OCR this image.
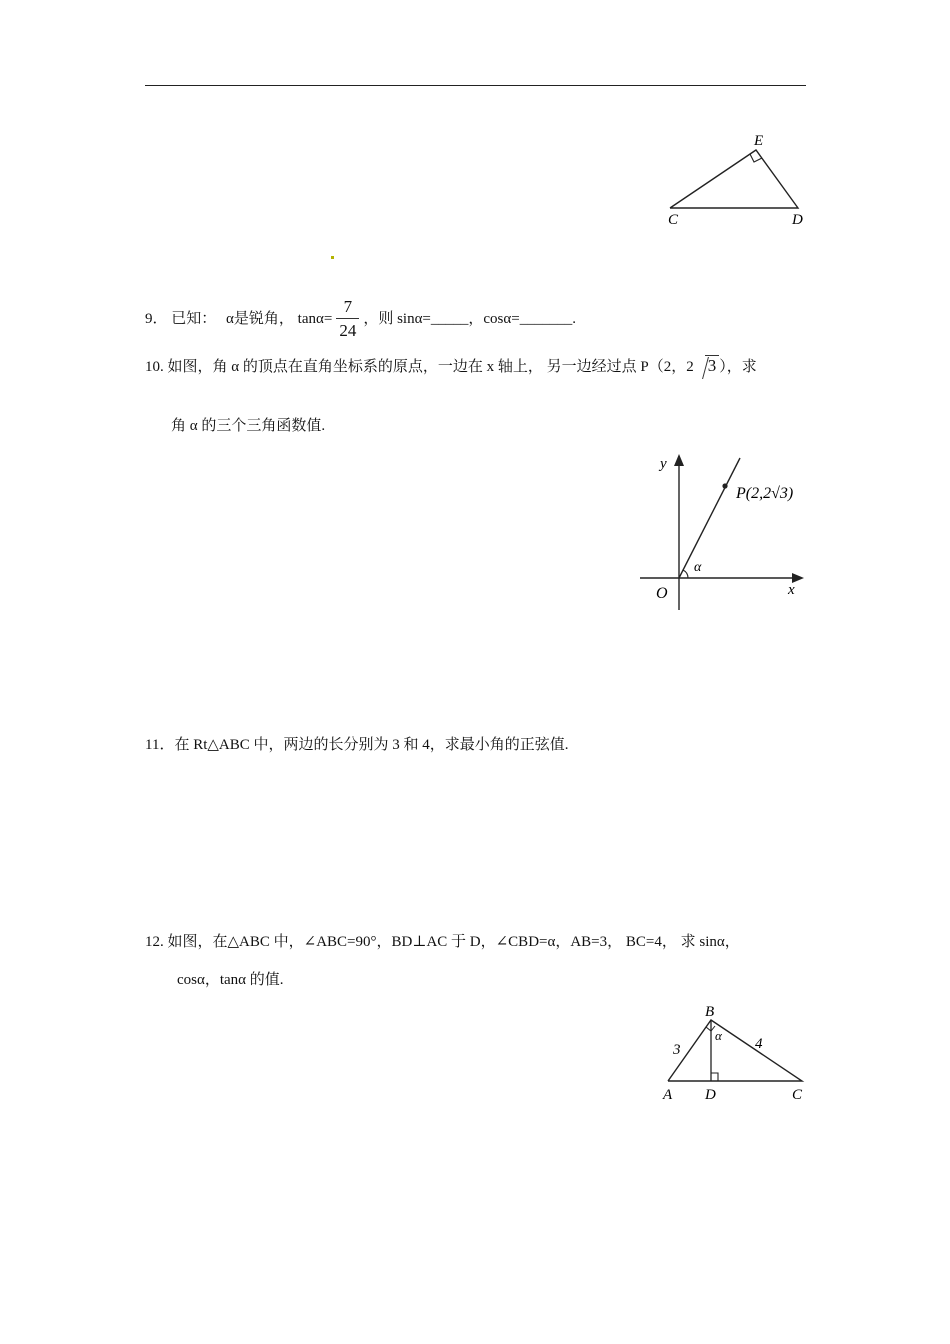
C	D
E
9． 已知： α是锐角， $\tan\alpha= \frac{7}{24}$ ，则 sinα=_____，cosα=_______.
10. 如图，角 α 的顶点在直角坐标系的原点，一边在 x 轴上， 另一边经过点 P（2，2 3 ），求
角 α 的三个三角函数值.
y
x
O
P(2,2√3)
α
11．在 Rt△ABC 中，两边的长分别为 3 和 4，求最小角的正弦值.
12. 如图，在△ABC 中，∠ABC=90°，BD⊥AC 于 D，∠CBD=α，AB=3， BC=4， 求 sinα，
cosα，tanα 的值.
B
A D	C
α
3	4
